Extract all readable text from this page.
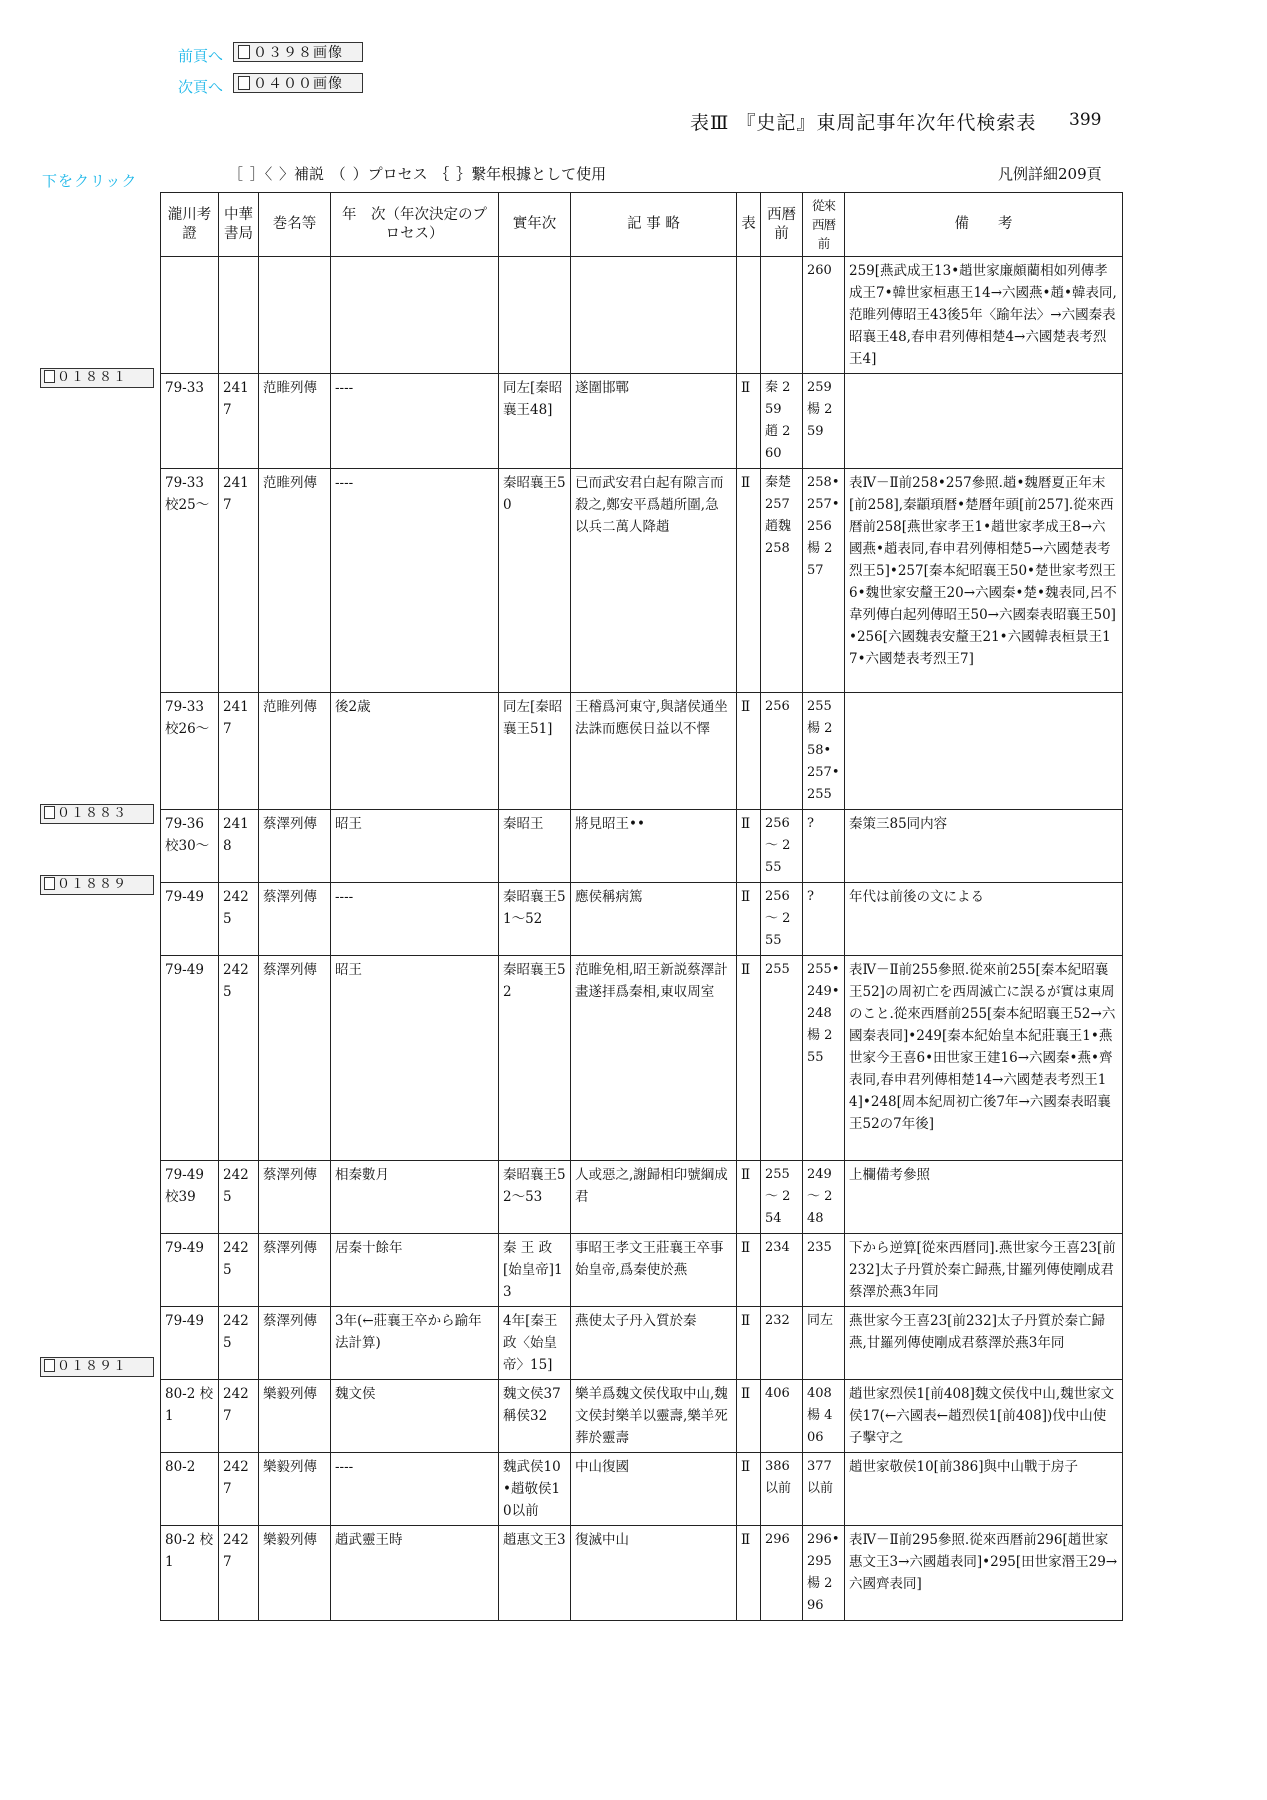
前頁へ	０３９８画像
次頁へ	０４００画像
表Ⅲ 『史記』東周記事年次年代検索表 399
下をクリック	［ ］〈 〉補説 （ ）プロセス ｛ ｝繋年根據として使用	凡例詳細209頁
０１８８１
０１８８３
０１８８９
０１８９１
瀧川考證	中華書局	巻名等	年　次（年次決定のプロセス）	實年次	記 事 略	表	西暦前	從來西暦前	備　　考
								260	259[燕武成王13•趙世家廉頗藺相如列傳孝成王7•韓世家桓惠王14→六國燕•趙•韓表同,范睢列傳昭王43後5年〈踰年法〉→六國秦表昭襄王48,春申君列傳相楚4→六國楚表考烈王4]
79-33	2417	范睢列傳	----	同左[秦昭襄王48]	遂圍邯鄲	Ⅱ	秦 259 趙 260	259 楊 259	
79-33 校25～	2417	范睢列傳	----	秦昭襄王50	已而武安君白起有隙言而殺之,鄭安平爲趙所圍,急以兵二萬人降趙	Ⅱ	秦楚 257 趙魏 258	258• 257• 256 楊 257	表Ⅳ－Ⅱ前258•257參照.趙•魏暦夏正年末[前258],秦顓頊暦•楚暦年頭[前257].從來西暦前258[燕世家孝王1•趙世家孝成王8→六國燕•趙表同,春申君列傳相楚5→六國楚表考烈王5]•257[秦本紀昭襄王50•楚世家考烈王6•魏世家安釐王20→六國秦•楚•魏表同,呂不韋列傳白起列傳昭王50→六國秦表昭襄王50]•256[六國魏表安釐王21•六國韓表桓景王17•六國楚表考烈王7]
79-33 校26～	2417	范睢列傳	後2歳	同左[秦昭襄王51]	王稽爲河東守,與諸侯通坐法誅而應侯日益以不懌	Ⅱ	256	255 楊 258• 257• 255	
79-36 校30～	2418	蔡澤列傳	昭王	秦昭王	將見昭王••	Ⅱ	256 ～ 255	?	秦策三85同内容
79-49	2425	蔡澤列傳	----	秦昭襄王51～52	應侯稱病篤	Ⅱ	256 ～ 255	?	年代は前後の文による
79-49	2425	蔡澤列傳	昭王	秦昭襄王52	范睢免相,昭王新説蔡澤計畫遂拝爲秦相,東収周室	Ⅱ	255	255• 249• 248 楊 255	表Ⅳ－Ⅱ前255參照.從來前255[秦本紀昭襄王52]の周初亡を西周滅亡に誤るが實は東周のこと.從來西暦前255[秦本紀昭襄王52→六國秦表同]•249[秦本紀始皇本紀莊襄王1•燕世家今王喜6•田世家王建16→六國秦•燕•齊表同,春申君列傳相楚14→六國楚表考烈王14]•248[周本紀周初亡後7年→六國秦表昭襄王52の7年後]
79-49 校39	2425	蔡澤列傳	相秦數月	秦昭襄王52～53	人或惡之,謝歸相印號綱成君	Ⅱ	255 ～ 254	249 ～ 248	上欄備考參照
79-49	2425	蔡澤列傳	居秦十餘年	秦 王 政[始皇帝]13	事昭王孝文王莊襄王卒事始皇帝,爲秦使於燕	Ⅱ	234	235	下から逆算[從來西暦同].燕世家今王喜23[前232]太子丹質於秦亡歸燕,甘羅列傳使剛成君蔡澤於燕3年同
79-49	2425	蔡澤列傳	3年(←莊襄王卒から踰年法計算)	4年[秦王政〈始皇帝〉15]	燕使太子丹入質於秦	Ⅱ	232	同左	燕世家今王喜23[前232]太子丹質於秦亡歸燕,甘羅列傳使剛成君蔡澤於燕3年同
80-2 校1	2427	樂毅列傳	魏文侯	魏文侯37稱侯32	樂羊爲魏文侯伐取中山,魏文侯封樂羊以靈壽,樂羊死葬於靈壽	Ⅱ	406	408 楊 406	趙世家烈侯1[前408]魏文侯伐中山,魏世家文侯17(←六國表←趙烈侯1[前408])伐中山使子擊守之
80-2	2427	樂毅列傳	----	魏武侯10•趙敬侯10以前	中山復國	Ⅱ	386 以前	377 以前	趙世家敬侯10[前386]與中山戰于房子
80-2 校1	2427	樂毅列傳	趙武靈王時	趙惠文王3	復滅中山	Ⅱ	296	296• 295 楊 296	表Ⅳ－Ⅱ前295參照.從來西暦前296[趙世家惠文王3→六國趙表同]•295[田世家湣王29→六國齊表同]
